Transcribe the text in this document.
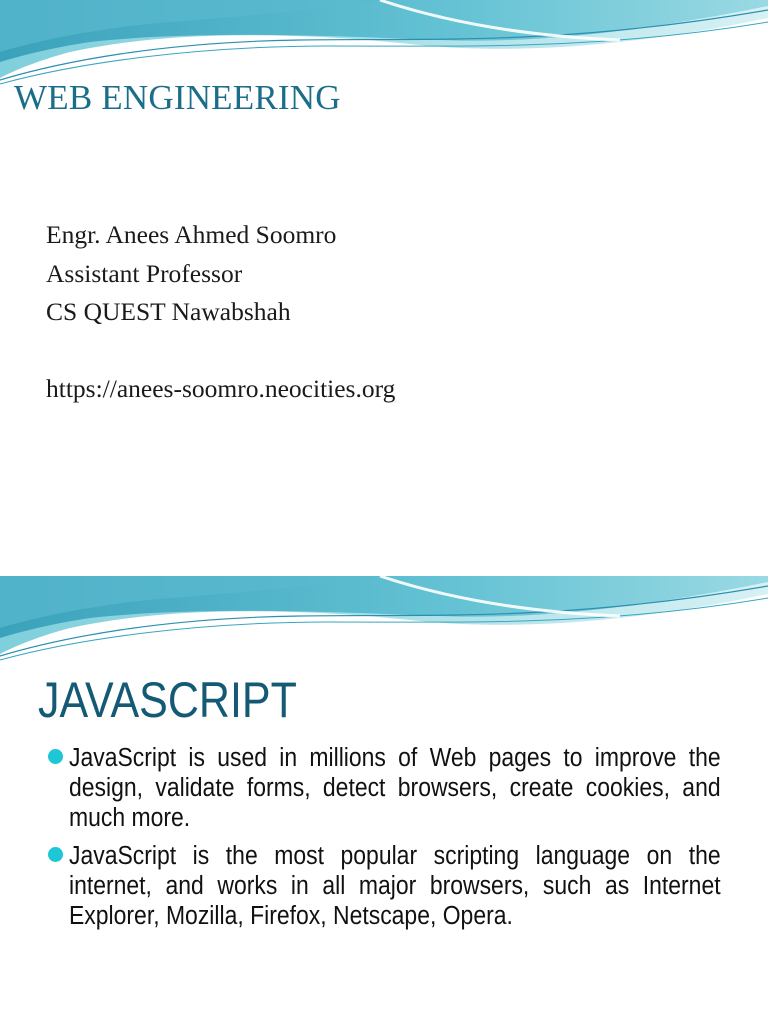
WEB ENGINEERING
Engr. Anees Ahmed Soomro
Assistant Professor
CS QUEST Nawabshah
https://anees-soomro.neocities.org
JAVASCRIPT
JavaScript is used in millions of Web pages to improve the design, validate forms, detect browsers, create cookies, and much more.
JavaScript is the most popular scripting language on the internet, and works in all major browsers, such as Internet Explorer, Mozilla, Firefox, Netscape, Opera.
